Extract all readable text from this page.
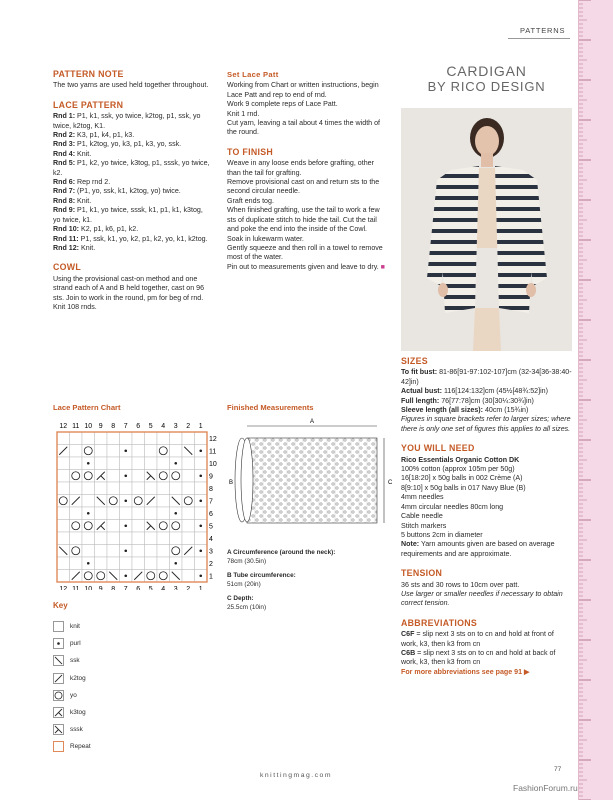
PATTERNS
PATTERN NOTE
The two yarns are used held together throughout.
LACE PATTERN
Rnd 1: P1, k1, ssk, yo twice, k2tog, p1, ssk, yo twice, k2tog, K1.
Rnd 2: K3, p1, k4, p1, k3.
Rnd 3: P1, k2tog, yo, k3, p1, k3, yo, ssk.
Rnd 4: Knit.
Rnd 5: P1, k2, yo twice, k3tog, p1, sssk, yo twice, k2.
Rnd 6: Rep rnd 2.
Rnd 7: (P1, yo, ssk, k1, k2tog, yo) twice.
Rnd 8: Knit.
Rnd 9: P1, k1, yo twice, sssk, k1, p1, k1, k3tog, yo twice, k1.
Rnd 10: K2, p1, k6, p1, k2.
Rnd 11: P1, ssk, k1, yo, k2, p1, k2, yo, k1, k2tog.
Rnd 12: Knit.
COWL
Using the provisional cast-on method and one strand each of A and B held together, cast on 96 sts. Join to work in the round, pm for beg of rnd.
Knit 108 rnds.
Set Lace Patt
Working from Chart or written instructions, begin Lace Patt and rep to end of rnd.
Work 9 complete reps of Lace Patt.
Knit 1 rnd.
Cut yarn, leaving a tail about 4 times the width of the round.
TO FINISH
Weave in any loose ends before grafting, other than the tail for grafting.
Remove provisional cast on and return sts to the second circular needle.
Graft ends tog.
When finished grafting, use the tail to work a few sts of duplicate stitch to hide the tail. Cut the tail and poke the end into the inside of the Cowl.
Soak in lukewarm water.
Gently squeeze and then roll in a towel to remove most of the water.
Pin out to measurements given and leave to dry. ■
CARDIGAN
BY RICO DESIGN
SIZES
To fit bust: 81-86[91-97:102-107]cm (32-34[36-38:40-42]in)
Actual bust: 116[124:132]cm (45½[48¾:52]in)
Full length: 76[77:78]cm (30[30¼:30¾]in)
Sleeve length (all sizes): 40cm (15¾in)
Figures in square brackets refer to larger sizes; where there is only one set of figures this applies to all sizes.
YOU WILL NEED
Rico Essentials Organic Cotton DK
100% cotton (approx 105m per 50g)
16[18:20] x 50g balls in 002 Crème (A)
8[9:10] x 50g balls in 017 Navy Blue (B)
4mm needles
4mm circular needles 80cm long
Cable needle
Stitch markers
5 buttons 2cm in diameter
Note: Yarn amounts given are based on average requirements and are approximate.
TENSION
36 sts and 30 rows to 10cm over patt.
Use larger or smaller needles if necessary to obtain correct tension.
ABBREVIATIONS
C6F = slip next 3 sts on to cn and hold at front of work, k3, then k3 from cn
C6B = slip next 3 sts on to cn and hold at back of work, k3, then k3 from cn
For more abbreviations see page 91 ▶
Lace Pattern Chart
12
12
11
11
10
10
9
9
8
8
7
7
6
6
5
5
4
4
3
3
2
2
1
1
12
11
10
9
8
7
6
5
4
3
2
1
Key
knit
purl
ssk
k2tog
yo
k3tog
sssk
Repeat
Finished Measurements
A
C
B
A Circumference (around the neck):
78cm (30.5in)
B Tube circumference:
51cm (20in)
C Depth:
25.5cm (10in)
knittingmag.com
77
FashionForum.ru
